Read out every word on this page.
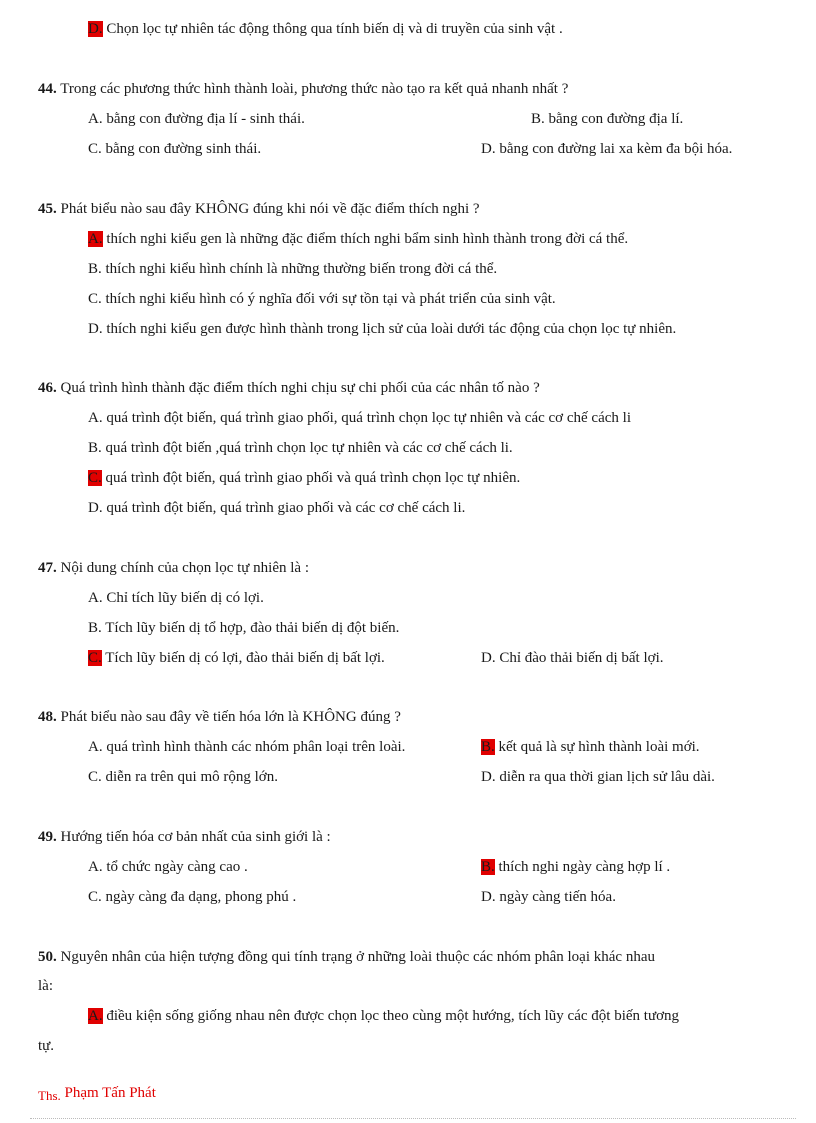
D. Chọn lọc tự nhiên tác động thông qua tính biến dị và di truyền của sinh vật .
44. Trong các phương thức hình thành loài, phương thức nào tạo ra kết quả nhanh nhất ?
A. bằng con đường địa lí - sinh thái.	B. bằng con đường địa lí.
C. bằng con đường sinh thái.	D. bằng con đường lai xa kèm đa bội hóa.
45. Phát biểu nào sau đây KHÔNG đúng khi nói về đặc điểm thích nghi ?
A. thích nghi kiểu gen là những đặc điểm thích nghi bẩm sinh hình thành trong đời cá thể.
B. thích nghi kiểu hình chính là những thường biến trong đời cá thể.
C. thích nghi kiểu hình có ý nghĩa đối với sự tồn tại và phát triển của sinh vật.
D. thích nghi kiểu gen được hình thành trong lịch sử của loài dưới tác động của chọn lọc tự nhiên.
46. Quá trình hình thành đặc điểm thích nghi chịu sự chi phối của các nhân tố nào ?
A. quá trình đột biến, quá trình giao phối, quá trình chọn lọc tự nhiên và các cơ chế cách li
B. quá trình đột biến ,quá trình chọn lọc tự nhiên và các cơ chế cách li.
C. quá trình đột biến, quá trình giao phối và quá trình chọn lọc tự nhiên.
D. quá trình đột biến, quá trình giao phối và các cơ chế cách li.
47. Nội dung chính của chọn lọc tự nhiên là :
A. Chỉ tích lũy biến dị có lợi.
B. Tích lũy biến dị tổ hợp, đào thải biến dị đột biến.
C. Tích lũy biến dị có lợi, đào thải biến dị bất lợi.	D. Chỉ đào thải biến dị bất lợi.
48. Phát biểu nào sau đây về tiến hóa lớn là KHÔNG đúng ?
A. quá trình hình thành các nhóm phân loại trên loài.	B. kết quả là sự hình thành loài mới.
C. diễn ra trên qui mô rộng lớn.	D. diễn ra qua thời gian lịch sử lâu dài.
49. Hướng tiến hóa cơ bản nhất của sinh giới là :
A. tổ chức ngày càng cao .	B. thích nghi ngày càng hợp lí .
C. ngày càng đa dạng, phong phú .	D. ngày càng tiến hóa.
50. Nguyên nhân của hiện tượng đồng qui tính trạng ở những loài thuộc các nhóm phân loại khác nhau
là:
A. điều kiện sống giống nhau nên được chọn lọc theo cùng một hướng, tích lũy các đột biến tương
tự.
Ths. Phạm Tấn Phát
